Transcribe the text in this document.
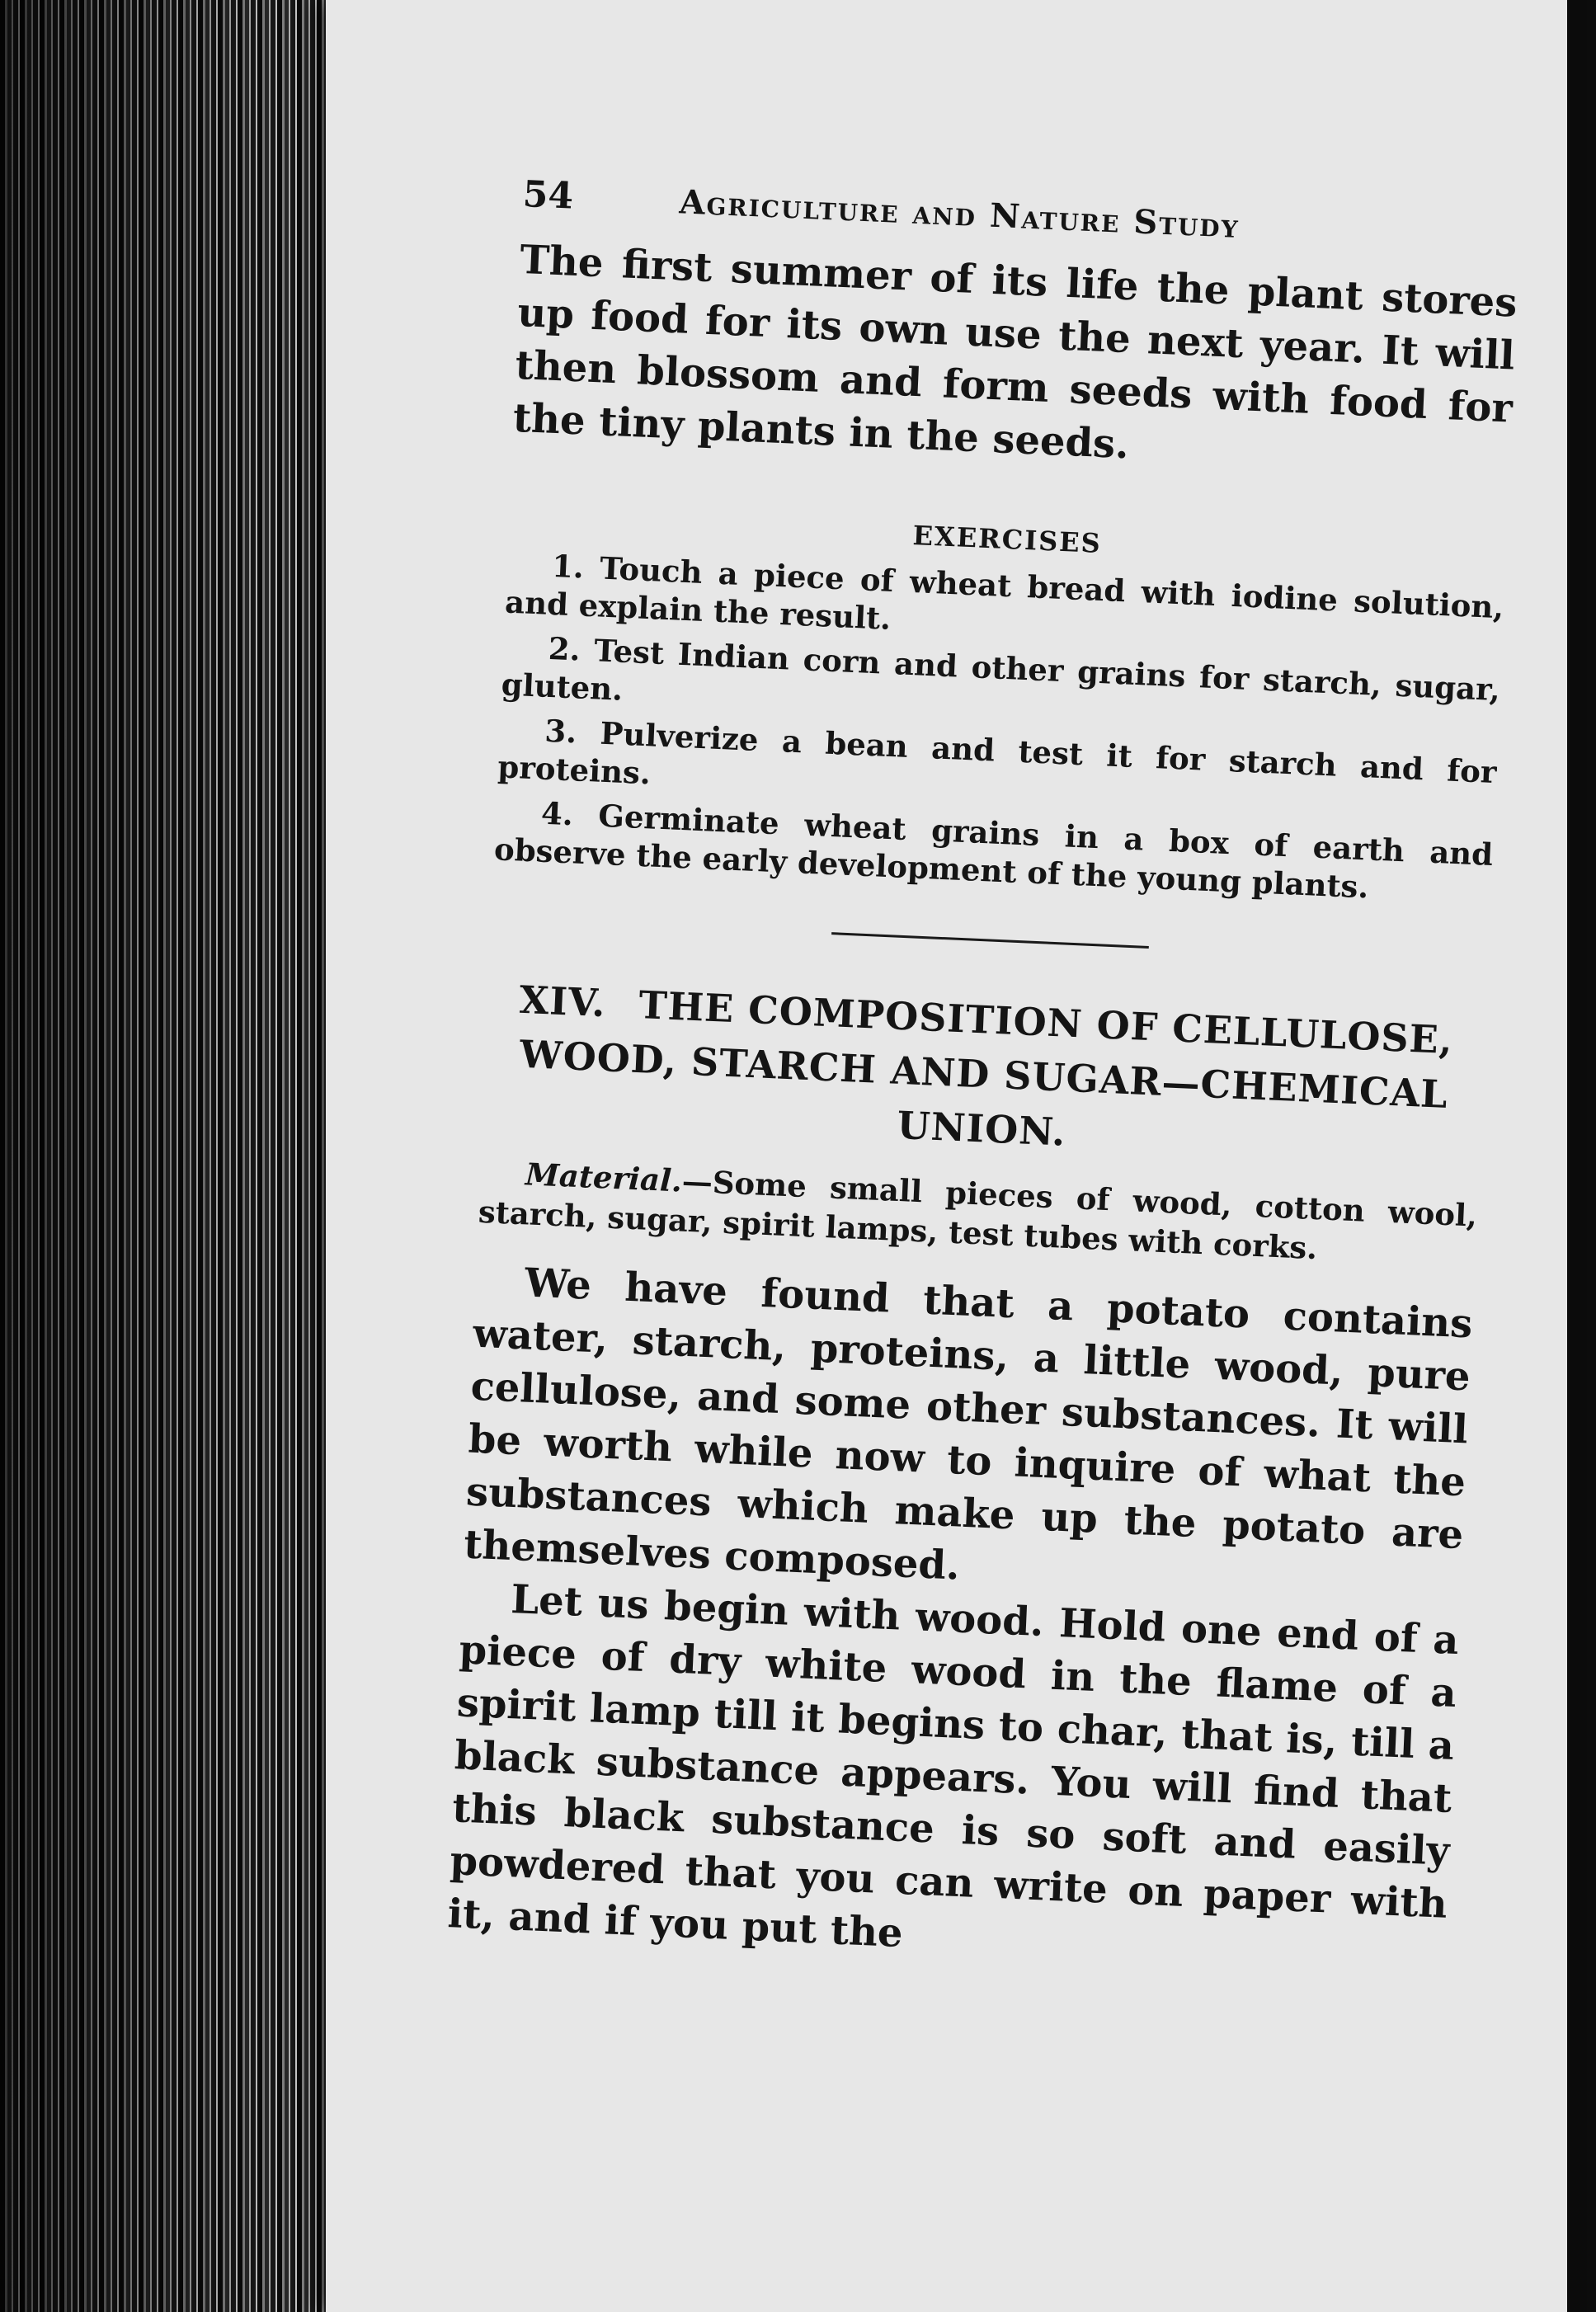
54	Agriculture and Nature Study

The first summer of its life the plant stores up food for its own use the next year. It will then blossom and form seeds with food for the tiny plants in the seeds.

EXERCISES

1. Touch a piece of wheat bread with iodine solution, and explain the result.

2. Test Indian corn and other grains for starch, sugar, gluten.

3. Pulverize a bean and test it for starch and for proteins.

4. Germinate wheat grains in a box of earth and observe the early development of the young plants.

XIV. THE COMPOSITION OF CELLULOSE, WOOD, STARCH AND SUGAR—CHEMICAL UNION.

Material.—Some small pieces of wood, cotton wool, starch, sugar, spirit lamps, test tubes with corks.

We have found that a potato contains water, starch, proteins, a little wood, pure cellulose, and some other substances. It will be worth while now to inquire of what the substances which make up the potato are themselves composed.

Let us begin with wood. Hold one end of a piece of dry white wood in the flame of a spirit lamp till it begins to char, that is, till a black substance appears. You will find that this black substance is so soft and easily powdered that you can write on paper with it, and if you put the
